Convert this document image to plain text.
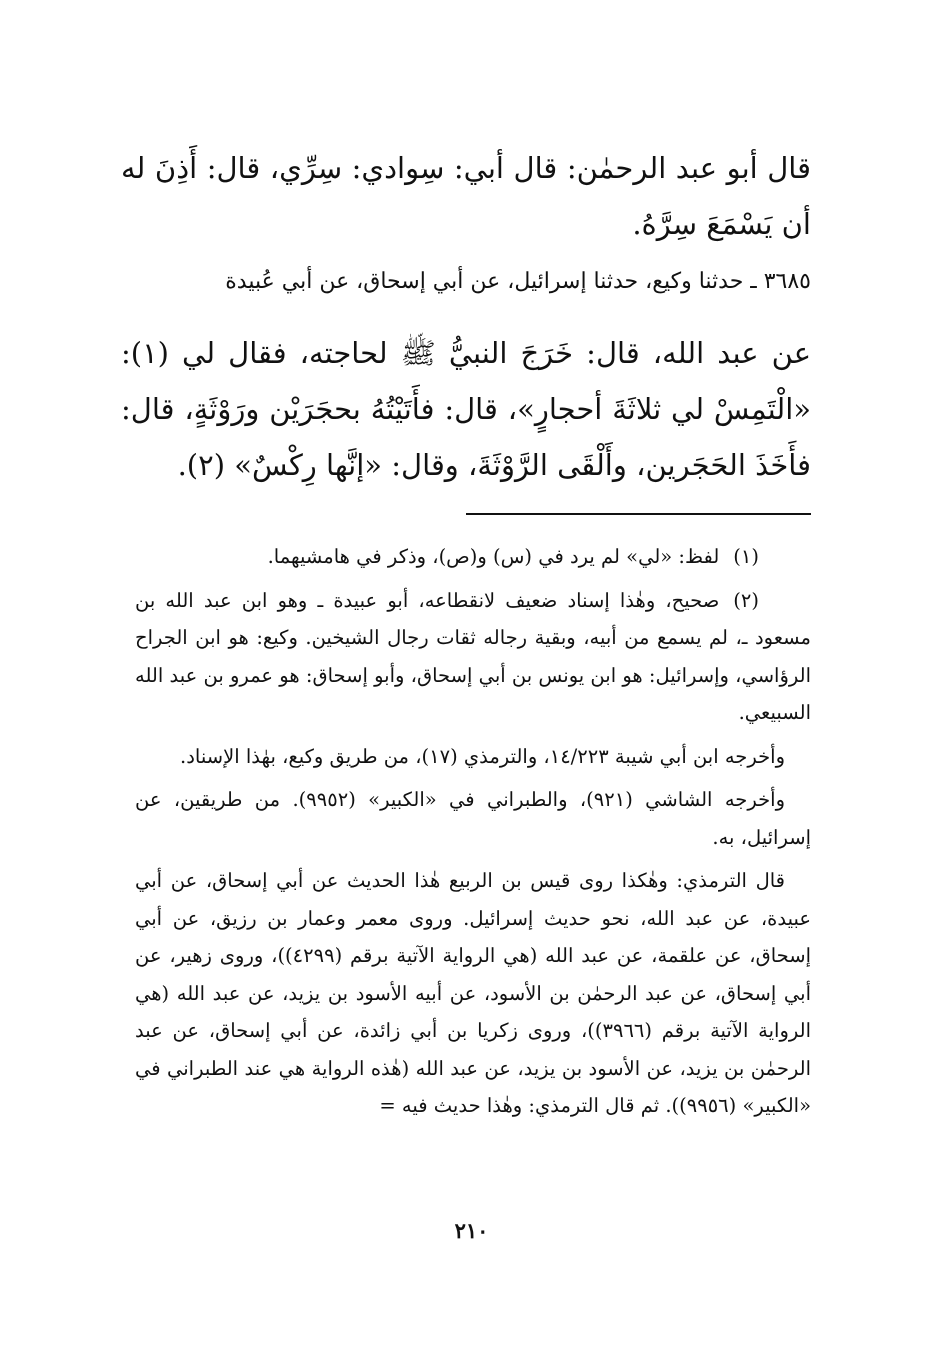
قال أبو عبد الرحمٰن: قال أبي: سِوادي: سِرِّي، قال: أَذِنَ له أن يَسْمَعَ سِرَّهُ.
٣٦٨٥ ـ حدثنا وكيع، حدثنا إسرائيل، عن أبي إسحاق، عن أبي عُبيدة
عن عبد الله، قال: خَرَجَ النبيُّ ﷺ لحاجته، فقال لي (١): «الْتَمِسْ لي ثلاثَةَ أحجارٍ»، قال: فأَتَيْتُهُ بحجَرَيْن ورَوْثَةٍ، قال: فأَخَذَ الحَجَرين، وأَلْقَى الرَّوْثَةَ، وقال: «إنَّها رِكْسٌ» (٢).

(١)لفظ: «لي» لم يرد في (س) و(ص)، وذكر في هامشيهما.

(٢)صحيح، وهٰذا إسناد ضعيف لانقطاعه، أبو عبيدة ـ وهو ابن عبد الله بن مسعود ـ، لم يسمع من أبيه، وبقية رجاله ثقات رجال الشيخين. وكيع: هو ابن الجراح الرؤاسي، وإسرائيل: هو ابن يونس بن أبي إسحاق، وأبو إسحاق: هو عمرو بن عبد الله السبيعي.

وأخرجه ابن أبي شيبة ١٤/٢٢٣، والترمذي (١٧)، من طريق وكيع، بهٰذا الإسناد.

وأخرجه الشاشي (٩٢١)، والطبراني في «الكبير» (٩٩٥٢). من طريقين، عن إسرائيل، به.

قال الترمذي: وهٰكذا روى قيس بن الربيع هٰذا الحديث عن أبي إسحاق، عن أبي عبيدة، عن عبد الله، نحو حديث إسرائيل. وروى معمر وعمار بن رزيق، عن أبي إسحاق، عن علقمة، عن عبد الله (هي الرواية الآتية برقم (٤٢٩٩))، وروى زهير، عن أبي إسحاق، عن عبد الرحمٰن بن الأسود، عن أبيه الأسود بن يزيد، عن عبد الله (هي الرواية الآتية برقم (٣٩٦٦))، وروى زكريا بن أبي زائدة، عن أبي إسحاق، عن عبد الرحمٰن بن يزيد، عن الأسود بن يزيد، عن عبد الله (هٰذه الرواية هي عند الطبراني في «الكبير» (٩٩٥٦)). ثم قال الترمذي: وهٰذا حديث فيه =

٢١٠
